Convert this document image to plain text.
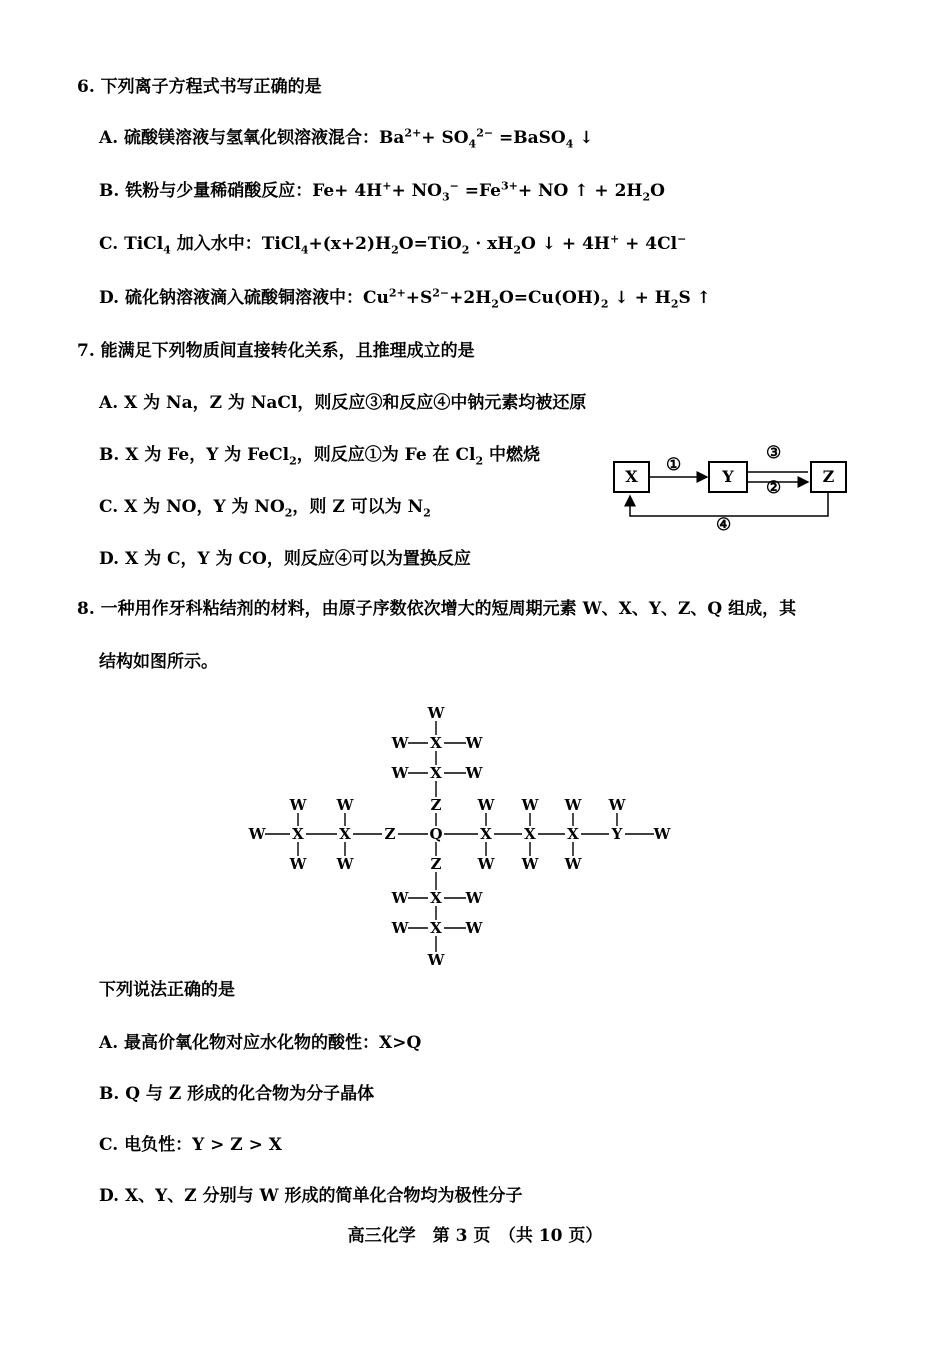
6. 下列离子方程式书写正确的是
A. 硫酸镁溶液与氢氧化钡溶液混合：$Ba^{2+}+ SO_4^{2-}$ =BaSO$_4$ ↓
B. 铁粉与少量稀硝酸反应：$Fe+ 4H^++ NO_3^- =Fe^{3+}+$ NO ↑ + $2H_2O$
C. TiCl$_4$ 加入水中：$TiCl_4+(x+2)H_2O=TiO_2 \cdot xH_2O$ ↓ + 4H+ + 4Cl−
D. 硫化钠溶液滴入硫酸铜溶液中：$Cu^{2+}+S^{2-}+2H_2O=Cu(OH)_2$ ↓ + $H_2S$ ↑
7. 能满足下列物质间直接转化关系，且推理成立的是
A. X 为 Na，Z 为 NaCl，则反应③和反应④中钠元素均被还原
B. X 为 Fe，Y 为 FeCl$_2$，则反应①为 Fe 在 $Cl_2$ 中燃烧
C. X 为 NO，Y 为 $NO_2$，则 Z 可以为 $N_2$
D. X 为 C，Y 为 CO，则反应④可以为置换反应
X	Y	Z
①
③
②
④
8. 一种用作牙科粘结剂的材料，由原子序数依次增大的短周期元素 W、X、Y、Z、Q 组成，其
结构如图所示。
W
W X W
W X W
Z
W X X Z Q	X X X Y W
W W	W W W W
W W	W W W
Z
W X W
W X W
W
下列说法正确的是
A. 最高价氧化物对应水化物的酸性：X>Q
B. Q 与 Z 形成的化合物为分子晶体
C. 电负性：Y > Z > X
D. X、Y、Z 分别与 W 形成的简单化合物均为极性分子
高三化学　第 3 页　（共 10 页）
